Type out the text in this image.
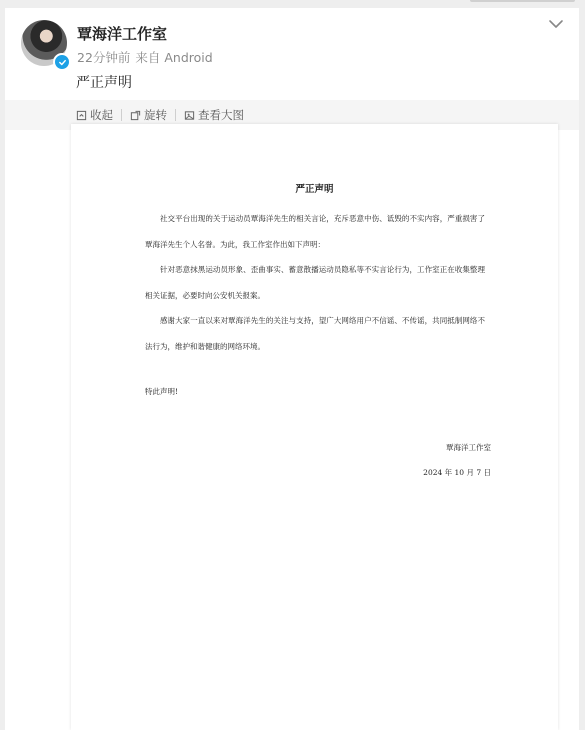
覃海洋工作室
22分钟前 来自 Android
严正声明
收起	旋转	查看大图
严正声明
社交平台出现的关于运动员覃海洋先生的相关言论，充斥恶意中伤、诋毁的不实内容，严重损害了覃海洋先生个人名誉。为此，我工作室作出如下声明：
针对恶意抹黑运动员形象、歪曲事实、蓄意散播运动员隐私等不实言论行为，工作室正在收集整理相关证据，必要时向公安机关报案。
感谢大家一直以来对覃海洋先生的关注与支持，望广大网络用户不信谣、不传谣，共同抵制网络不法行为，维护和谐健康的网络环境。
特此声明!
覃海洋工作室
2024 年 10 月 7 日
